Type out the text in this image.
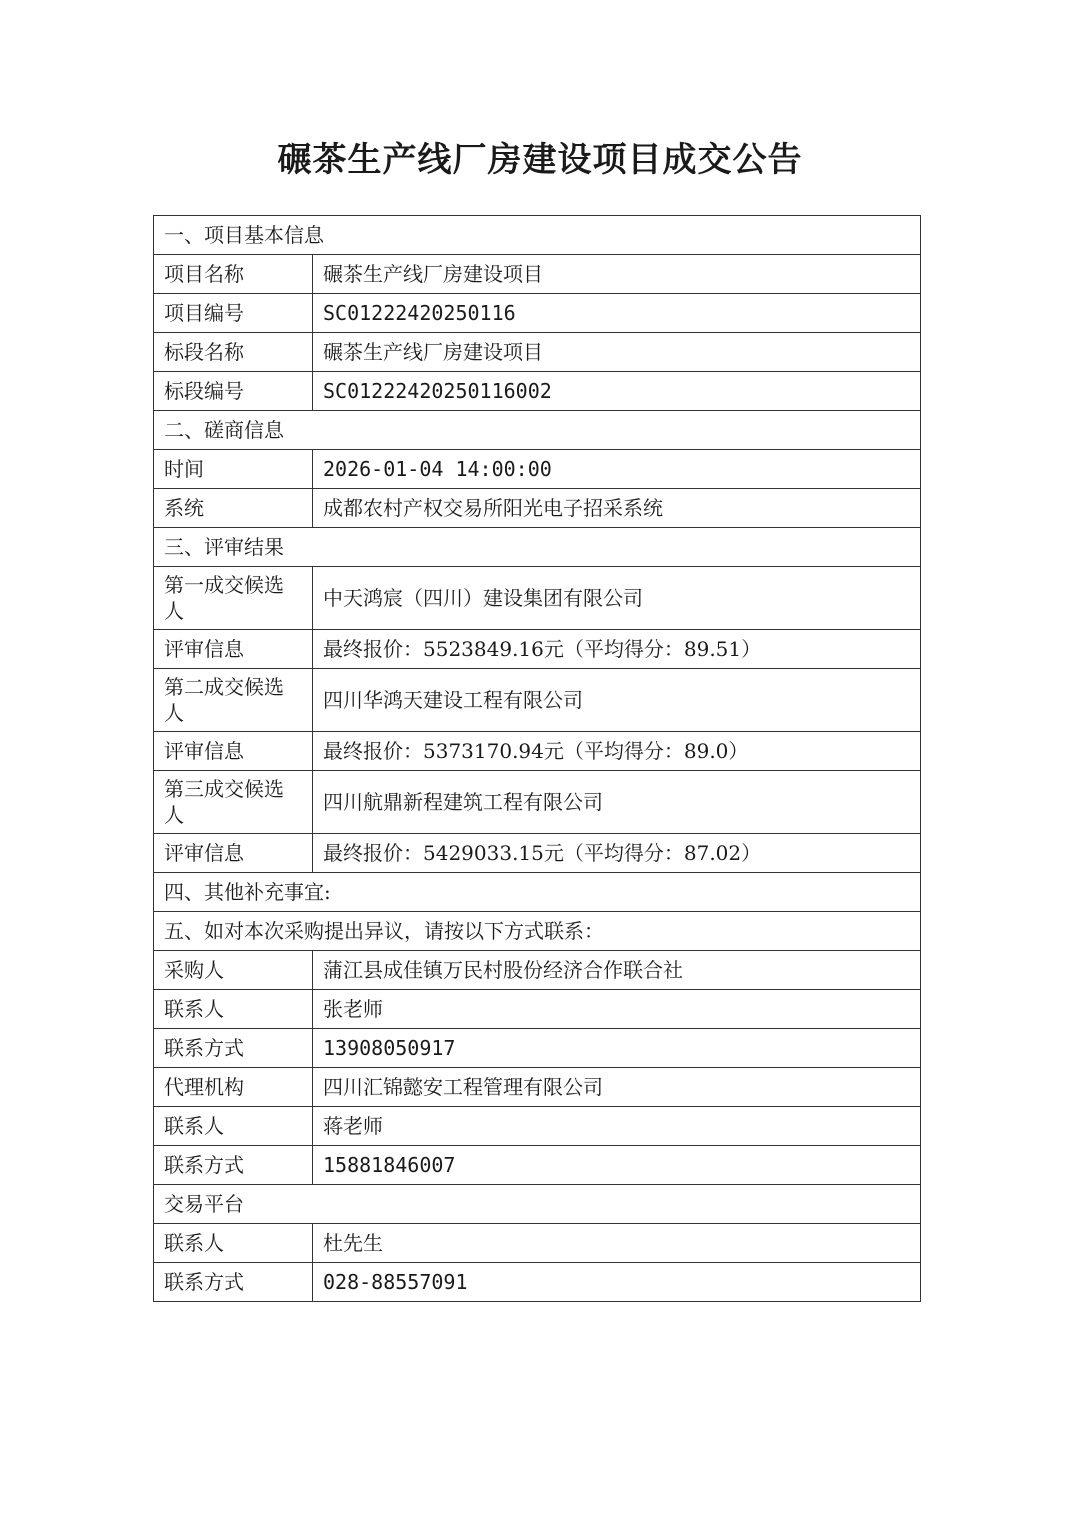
碾茶生产线厂房建设项目成交公告
一、项目基本信息	
项目名称	碾茶生产线厂房建设项目
项目编号	SC01222420250116
标段名称	碾茶生产线厂房建设项目
标段编号	SC01222420250116002
二、磋商信息	
时间	2026-01-04 14:00:00
系统	成都农村产权交易所阳光电子招采系统
三、评审结果	
第一成交候选人	中天鸿宸（四川）建设集团有限公司
评审信息	最终报价：5523849.16元（平均得分：89.51）
第二成交候选人	四川华鸿天建设工程有限公司
评审信息	最终报价：5373170.94元（平均得分：89.0）
第三成交候选人	四川航鼎新程建筑工程有限公司
评审信息	最终报价：5429033.15元（平均得分：87.02）
四、其他补充事宜:	
五、如对本次采购提出异议，请按以下方式联系：	
采购人	蒲江县成佳镇万民村股份经济合作联合社
联系人	张老师
联系方式	13908050917
代理机构	四川汇锦懿安工程管理有限公司
联系人	蒋老师
联系方式	15881846007
交易平台	
联系人	杜先生
联系方式	028-88557091
